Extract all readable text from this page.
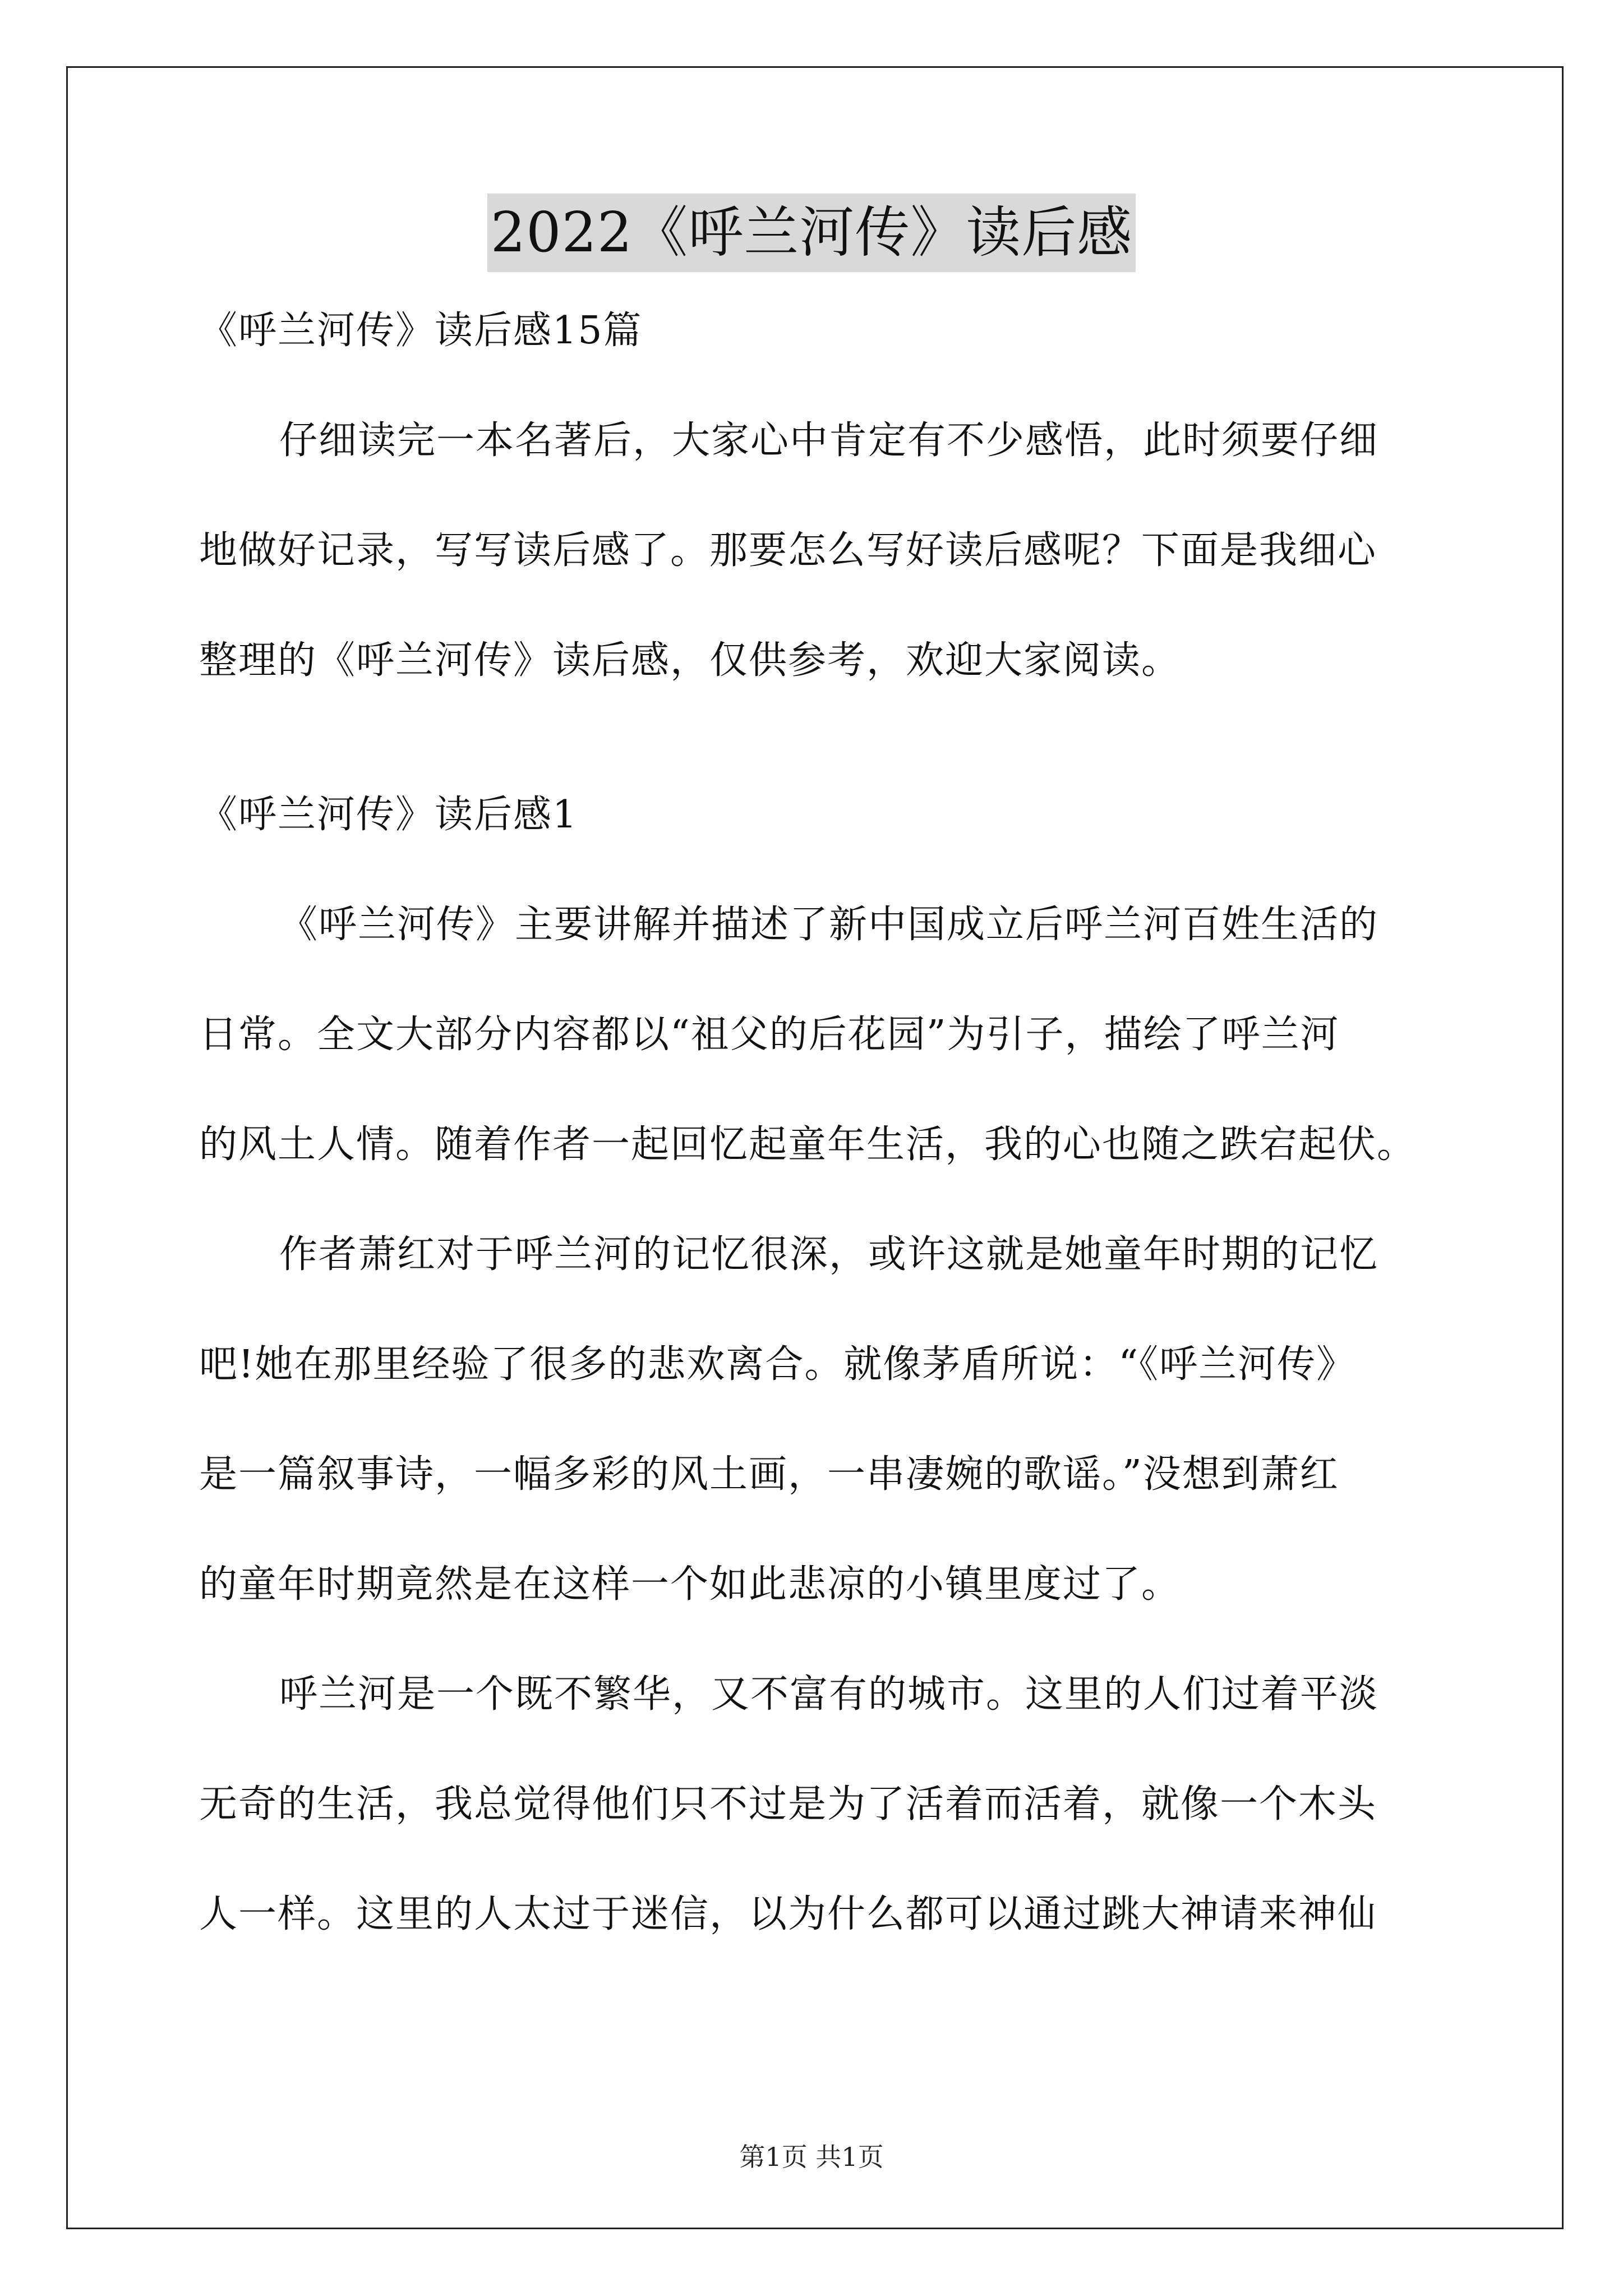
2022《呼兰河传》读后感
《呼兰河传》读后感15篇
仔细读完一本名著后，大家心中肯定有不少感悟，此时须要仔细
地做好记录，写写读后感了。那要怎么写好读后感呢？下面是我细心
整理的《呼兰河传》读后感，仅供参考，欢迎大家阅读。
《呼兰河传》读后感1
《呼兰河传》主要讲解并描述了新中国成立后呼兰河百姓生活的
日常。全文大部分内容都以“祖父的后花园”为引子，描绘了呼兰河
的风土人情。随着作者一起回忆起童年生活，我的心也随之跌宕起伏。
作者萧红对于呼兰河的记忆很深，或许这就是她童年时期的记忆
吧!她在那里经验了很多的悲欢离合。就像茅盾所说：“《呼兰河传》
是一篇叙事诗，一幅多彩的风土画，一串凄婉的歌谣。”没想到萧红
的童年时期竟然是在这样一个如此悲凉的小镇里度过了。
呼兰河是一个既不繁华，又不富有的城市。这里的人们过着平淡
无奇的生活，我总觉得他们只不过是为了活着而活着，就像一个木头
人一样。这里的人太过于迷信，以为什么都可以通过跳大神请来神仙
第1页 共1页
